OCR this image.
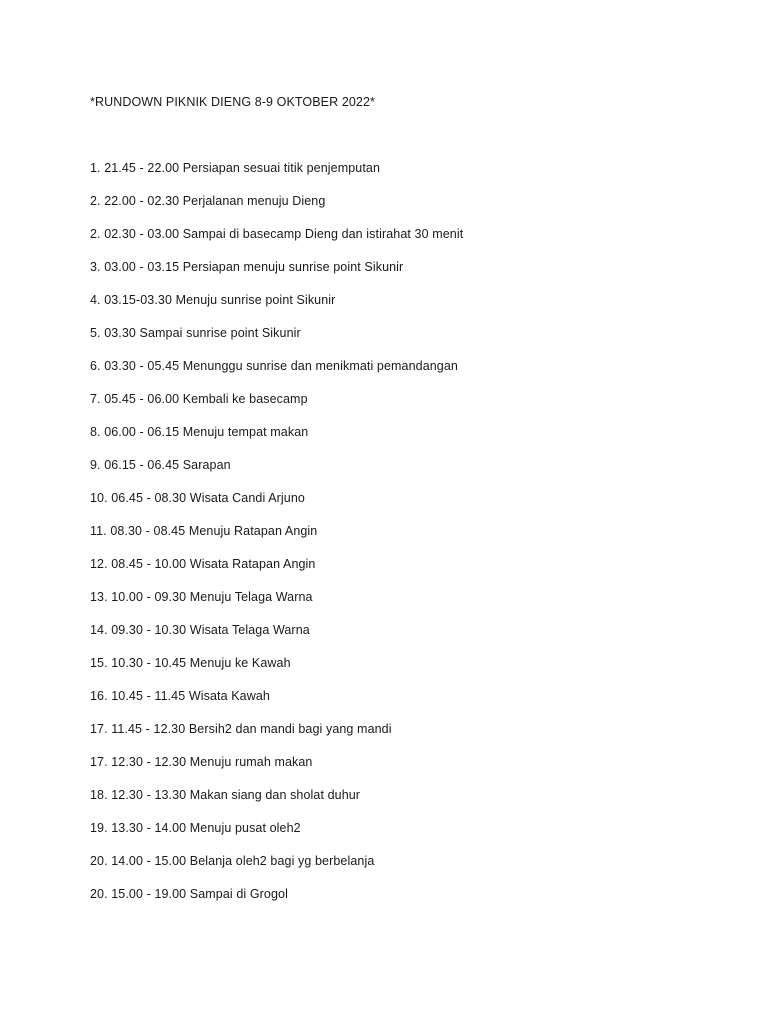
*RUNDOWN PIKNIK DIENG 8-9 OKTOBER 2022*
1. 21.45 - 22.00 Persiapan sesuai titik penjemputan
2. 22.00 - 02.30 Perjalanan menuju Dieng
2. 02.30 - 03.00 Sampai di basecamp Dieng dan istirahat 30 menit
3. 03.00 - 03.15 Persiapan menuju sunrise point Sikunir
4. 03.15-03.30 Menuju sunrise point Sikunir
5. 03.30 Sampai sunrise point Sikunir
6. 03.30 - 05.45 Menunggu sunrise dan menikmati pemandangan
7. 05.45 - 06.00 Kembali ke basecamp
8. 06.00 - 06.15 Menuju tempat makan
9. 06.15 - 06.45 Sarapan
10. 06.45 - 08.30 Wisata Candi Arjuno
11. 08.30 - 08.45 Menuju Ratapan Angin
12. 08.45 - 10.00 Wisata Ratapan Angin
13. 10.00 - 09.30 Menuju Telaga Warna
14. 09.30 - 10.30 Wisata Telaga Warna
15. 10.30 - 10.45 Menuju ke Kawah
16. 10.45 - 11.45 Wisata Kawah
17. 11.45 - 12.30 Bersih2 dan mandi bagi yang mandi
17. 12.30 - 12.30 Menuju rumah makan
18. 12.30 - 13.30 Makan siang dan sholat duhur
19. 13.30 - 14.00 Menuju pusat oleh2
20. 14.00 - 15.00 Belanja oleh2 bagi yg berbelanja
20. 15.00 - 19.00 Sampai di Grogol
